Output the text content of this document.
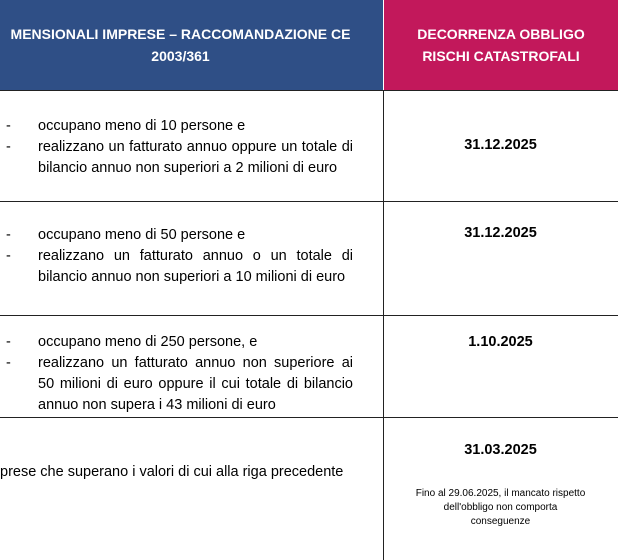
MENSIONALI IMPRESE – RACCOMANDAZIONE CE
2003/361
DECORRENZA OBBLIGO
RISCHI CATASTROFALI
- occupano meno di 10 persone e
- realizzano un fatturato annuo oppure un totale di bilancio annuo non superiori a 2 milioni di euro
31.12.2025
- occupano meno di 50 persone e
- realizzano un fatturato annuo o un totale di bilancio annuo non superiori a 10 milioni di euro
31.12.2025
- occupano meno di 250 persone, e
- realizzano un fatturato annuo non superiore ai 50 milioni di euro oppure il cui totale di bilancio annuo non supera i 43 milioni di euro
1.10.2025
prese che superano i valori di cui alla riga precedente
31.03.2025
Fino al 29.06.2025, il mancato rispetto
dell'obbligo non comporta
conseguenze
